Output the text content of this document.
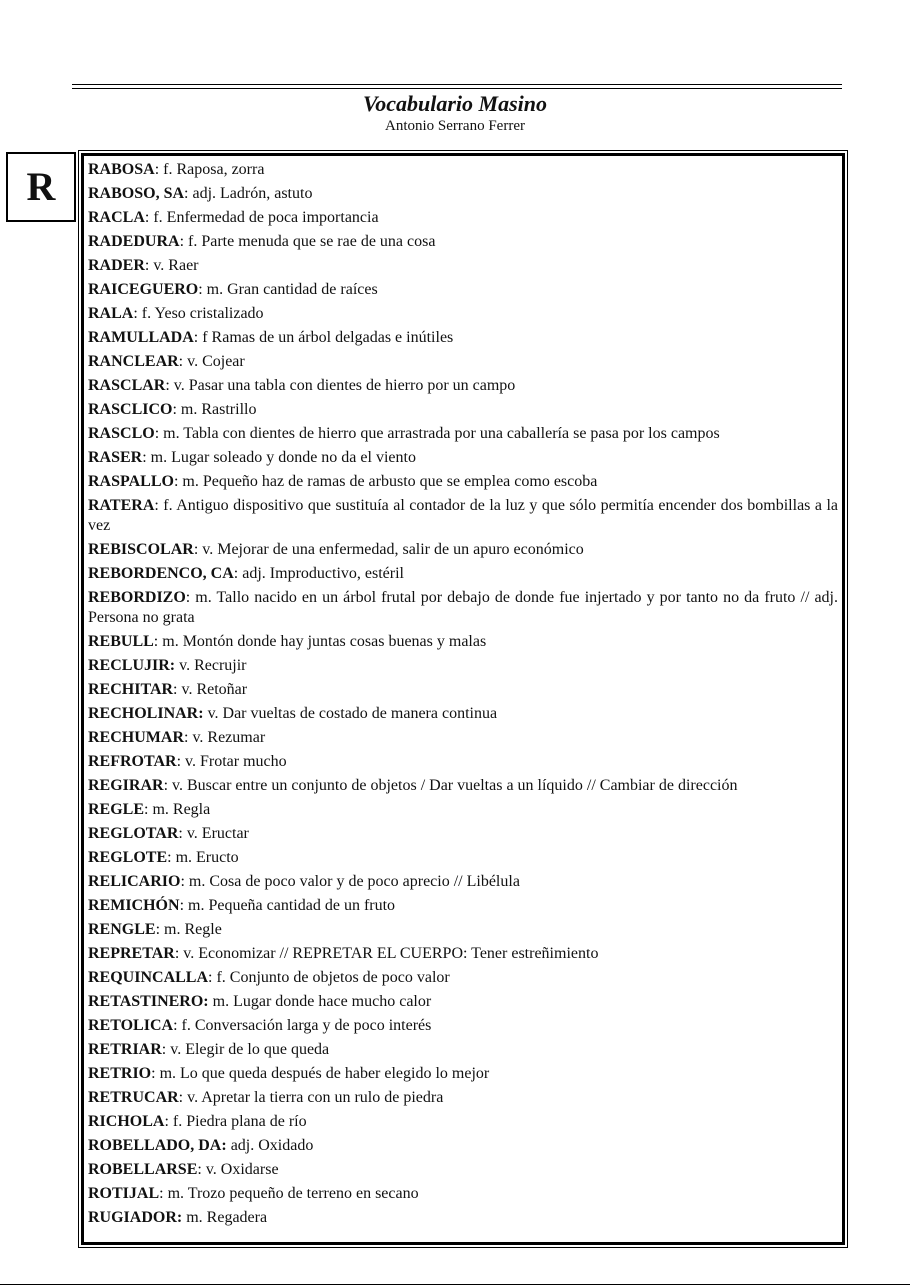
Vocabulario Masino
Antonio Serrano Ferrer
R	RABOSA: f. Raposa, zorra
RABOSO, SA: adj. Ladrón, astuto
RACLA: f. Enfermedad de poca importancia
RADEDURA: f. Parte menuda que se rae de una cosa
RADER: v. Raer
RAICEGUERO: m. Gran cantidad de raíces
RALA: f. Yeso cristalizado
RAMULLADA: f Ramas de un árbol delgadas e inútiles
RANCLEAR: v. Cojear
RASCLAR: v. Pasar una tabla con dientes de hierro por un campo
RASCLICO: m. Rastrillo
RASCLO: m. Tabla con dientes de hierro que arrastrada por una caballería se pasa por los campos
RASER: m. Lugar soleado y donde no da el viento
RASPALLO: m. Pequeño haz de ramas de arbusto que se emplea como escoba
RATERA: f. Antiguo dispositivo que sustituía al contador de la luz y que sólo permitía encender dos bombillas a la vez
REBISCOLAR: v. Mejorar de una enfermedad, salir de un apuro económico
REBORDENCO, CA: adj. Improductivo, estéril
REBORDIZO: m. Tallo nacido en un árbol frutal por debajo de donde fue injertado y por tanto no da fruto // adj. Persona no grata
REBULL: m. Montón donde hay juntas cosas buenas y malas
RECLUJIR: v. Recrujir
RECHITAR: v. Retoñar
RECHOLINAR: v. Dar vueltas de costado de manera continua
RECHUMAR: v. Rezumar
REFROTAR: v. Frotar mucho
REGIRAR: v. Buscar entre un conjunto de objetos / Dar vueltas a un líquido // Cambiar de dirección
REGLE: m. Regla
REGLOTAR: v. Eructar
REGLOTE: m. Eructo
RELICARIO: m. Cosa de poco valor y de poco aprecio // Libélula
REMICHÓN: m. Pequeña cantidad de un fruto
RENGLE: m. Regle
REPRETAR: v. Economizar // REPRETAR EL CUERPO: Tener estreñimiento
REQUINCALLA: f. Conjunto de objetos de poco valor
RETASTINERO: m. Lugar donde hace mucho calor
RETOLICA: f. Conversación larga y de poco interés
RETRIAR: v. Elegir de lo que queda
RETRIO: m. Lo que queda después de haber elegido lo mejor
RETRUCAR: v. Apretar la tierra con un rulo de piedra
RICHOLA: f. Piedra plana de río
ROBELLADO, DA: adj. Oxidado
ROBELLARSE: v. Oxidarse
ROTIJAL: m. Trozo pequeño de terreno en secano
RUGIADOR: m. Regadera
